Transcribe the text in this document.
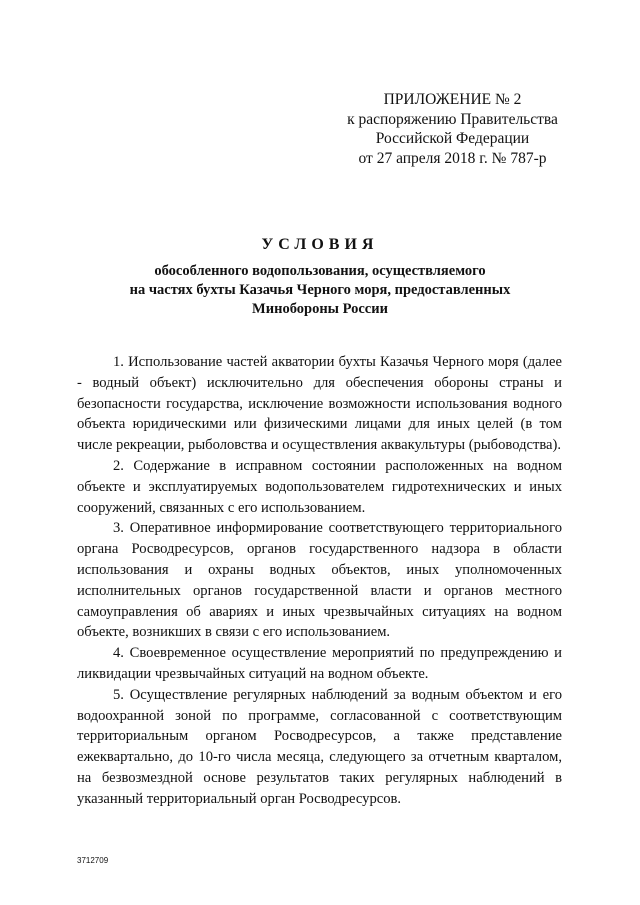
ПРИЛОЖЕНИЕ № 2
к распоряжению Правительства
Российской Федерации
от 27 апреля 2018 г. № 787-р
УСЛОВИЯ
обособленного водопользования, осуществляемого
на частях бухты Казачья Черного моря, предоставленных
Минобороны России

1. Использование частей акватории бухты Казачья Черного моря (далее - водный объект) исключительно для обеспечения обороны страны и безопасности государства, исключение возможности использования водного объекта юридическими или физическими лицами для иных целей (в том числе рекреации, рыболовства и осуществления аквакультуры (рыбоводства).

2. Содержание в исправном состоянии расположенных на водном объекте и эксплуатируемых водопользователем гидротехнических и иных сооружений, связанных с его использованием.

3. Оперативное информирование соответствующего территориального органа Росводресурсов, органов государственного надзора в области использования и охраны водных объектов, иных уполномоченных исполнительных органов государственной власти и органов местного самоуправления об авариях и иных чрезвычайных ситуациях на водном объекте, возникших в связи с его использованием.

4. Своевременное осуществление мероприятий по предупреждению и ликвидации чрезвычайных ситуаций на водном объекте.

5. Осуществление регулярных наблюдений за водным объектом и его водоохранной зоной по программе, согласованной с соответствующим территориальным органом Росводресурсов, а также представление ежеквартально, до 10-го числа месяца, следующего за отчетным кварталом, на безвозмездной основе результатов таких регулярных наблюдений в указанный территориальный орган Росводресурсов.

3712709
